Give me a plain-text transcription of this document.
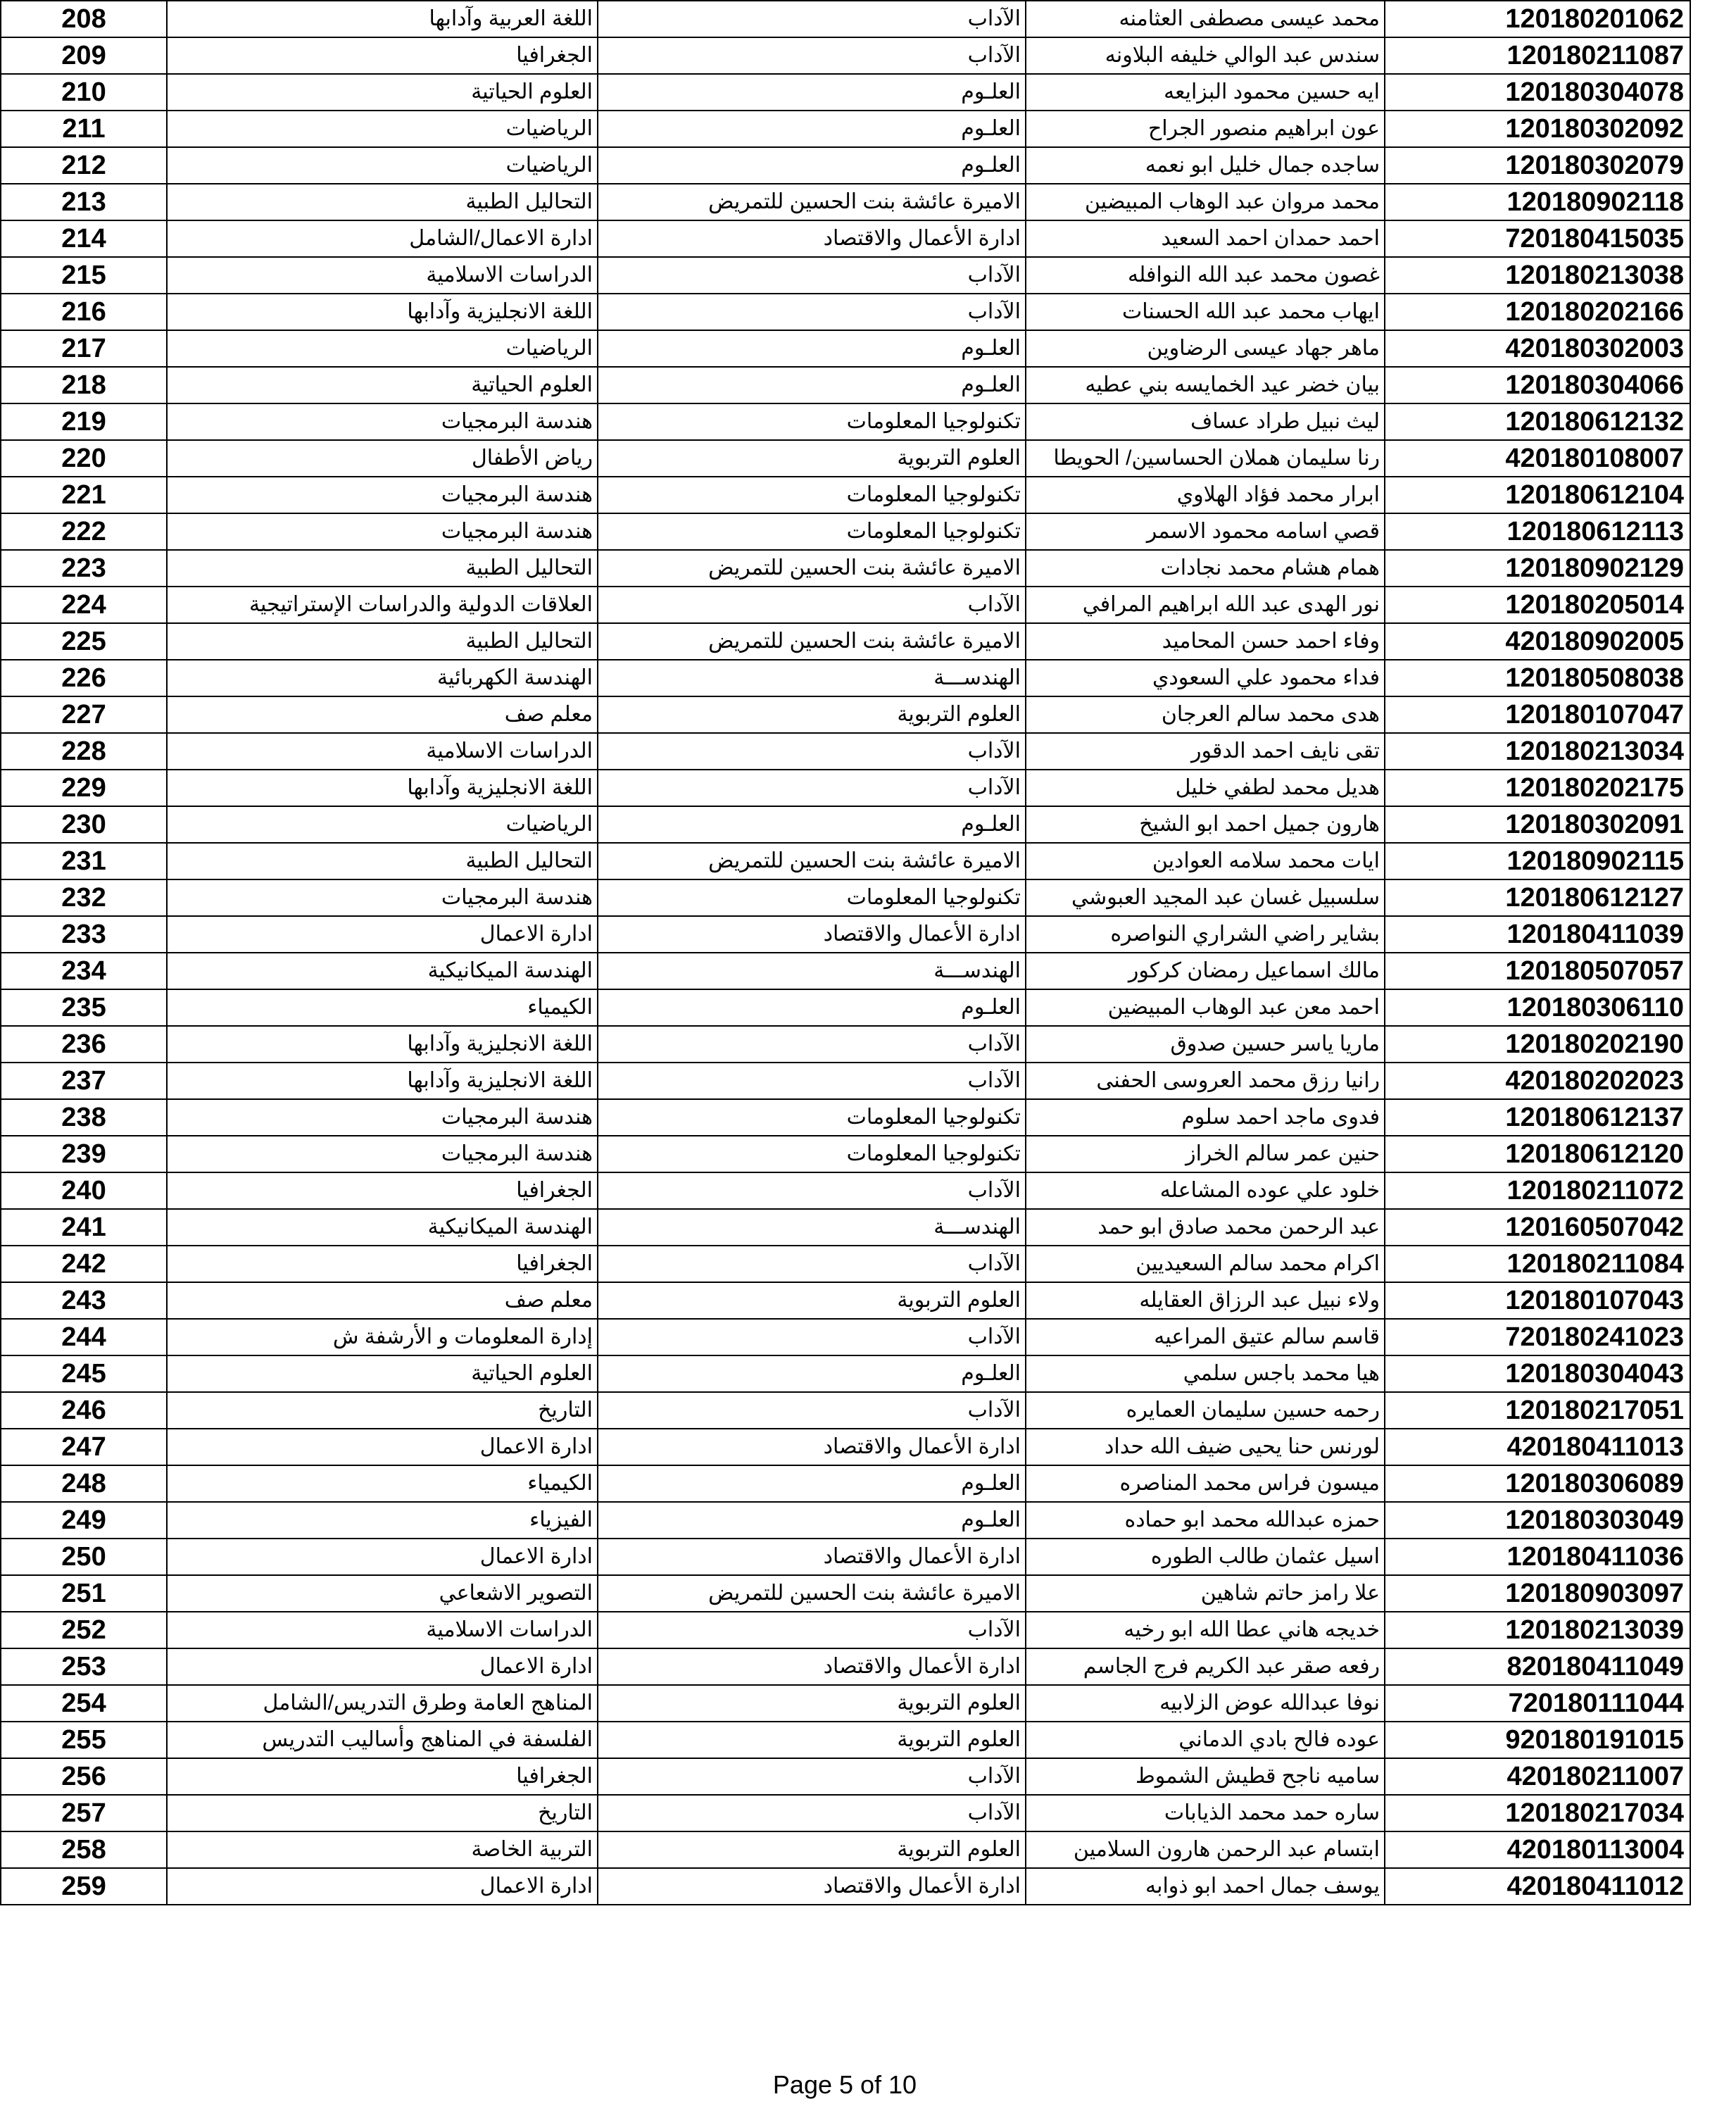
208	اللغة العربية وآدابها	الآداب	محمد عيسى مصطفى العثامنه	120180201062
209	الجغرافيا	الآداب	سندس عبد الوالي خليفه البلاونه	120180211087
210	العلوم الحياتية	العلـوم	ايه حسين محمود البزايعه	120180304078
211	الرياضيات	العلـوم	عون ابراهيم منصور الجراح	120180302092
212	الرياضيات	العلـوم	ساجده جمال خليل ابو نعمه	120180302079
213	التحاليل الطبية	الاميرة عائشة بنت الحسين للتمريض	محمد مروان عبد الوهاب المبيضين	120180902118
214	ادارة الاعمال/الشامل	ادارة الأعمال والاقتصاد	احمد حمدان احمد السعيد	720180415035
215	الدراسات الاسلامية	الآداب	غصون محمد عبد الله النوافله	120180213038
216	اللغة الانجليزية وآدابها	الآداب	ايهاب محمد عبد الله الحسنات	120180202166
217	الرياضيات	العلـوم	ماهر جهاد عيسى الرضاوين	420180302003
218	العلوم الحياتية	العلـوم	بيان خضر عيد الخمايسه بني عطيه	120180304066
219	هندسة البرمجيات	تكنولوجيا المعلومات	ليث نبيل طراد عساف	120180612132
220	رياض الأطفال	العلوم التربوية	رنا سليمان هملان الحساسين/ الحويطا	420180108007
221	هندسة البرمجيات	تكنولوجيا المعلومات	ابرار محمد فؤاد الهلاوي	120180612104
222	هندسة البرمجيات	تكنولوجيا المعلومات	قصي اسامه محمود الاسمر	120180612113
223	التحاليل الطبية	الاميرة عائشة بنت الحسين للتمريض	همام هشام محمد نجادات	120180902129
224	العلاقات الدولية والدراسات الإستراتيجية	الآداب	نور الهدى عبد الله ابراهيم المرافي	120180205014
225	التحاليل الطبية	الاميرة عائشة بنت الحسين للتمريض	وفاء احمد حسن المحاميد	420180902005
226	الهندسة الكهربائية	الهندســـة	فداء محمود علي السعودي	120180508038
227	معلم صف	العلوم التربوية	هدى محمد سالم العرجان	120180107047
228	الدراسات الاسلامية	الآداب	تقى نايف احمد الدقور	120180213034
229	اللغة الانجليزية وآدابها	الآداب	هديل محمد لطفي خليل	120180202175
230	الرياضيات	العلـوم	هارون جميل احمد ابو الشيخ	120180302091
231	التحاليل الطبية	الاميرة عائشة بنت الحسين للتمريض	ايات محمد سلامه العوادين	120180902115
232	هندسة البرمجيات	تكنولوجيا المعلومات	سلسبيل غسان عبد المجيد العبوشي	120180612127
233	ادارة الاعمال	ادارة الأعمال والاقتصاد	بشاير راضي الشراري النواصره	120180411039
234	الهندسة الميكانيكية	الهندســـة	مالك اسماعيل رمضان كركور	120180507057
235	الكيمياء	العلـوم	احمد معن عبد الوهاب المبيضين	120180306110
236	اللغة الانجليزية وآدابها	الآداب	ماريا ياسر حسين صدوق	120180202190
237	اللغة الانجليزية وآدابها	الآداب	رانيا رزق محمد العروسى الحفنى	420180202023
238	هندسة البرمجيات	تكنولوجيا المعلومات	فدوى ماجد احمد سلوم	120180612137
239	هندسة البرمجيات	تكنولوجيا المعلومات	حنين عمر سالم الخراز	120180612120
240	الجغرافيا	الآداب	خلود علي عوده المشاعله	120180211072
241	الهندسة الميكانيكية	الهندســـة	عبد الرحمن محمد صادق ابو حمد	120160507042
242	الجغرافيا	الآداب	اكرام محمد سالم السعيديين	120180211084
243	معلم صف	العلوم التربوية	ولاء نبيل عبد الرزاق العقايله	120180107043
244	إدارة المعلومات و الأرشفة ش	الآداب	قاسم سالم عتيق المراعيه	720180241023
245	العلوم الحياتية	العلـوم	هيا محمد باجس سلمي	120180304043
246	التاريخ	الآداب	رحمه حسين سليمان العمايره	120180217051
247	ادارة الاعمال	ادارة الأعمال والاقتصاد	لورنس حنا يحيى ضيف الله حداد	420180411013
248	الكيمياء	العلـوم	ميسون فراس محمد المناصره	120180306089
249	الفيزياء	العلـوم	حمزه عبدالله محمد ابو حماده	120180303049
250	ادارة الاعمال	ادارة الأعمال والاقتصاد	اسيل عثمان طالب الطوره	120180411036
251	التصوير الاشعاعي	الاميرة عائشة بنت الحسين للتمريض	علا رامز حاتم شاهين	120180903097
252	الدراسات الاسلامية	الآداب	خديجه هاني عطا الله ابو رخيه	120180213039
253	ادارة الاعمال	ادارة الأعمال والاقتصاد	رفعه صقر عبد الكريم فرج الجاسم	820180411049
254	المناهج العامة وطرق التدريس/الشامل	العلوم التربوية	نوفا عبدالله عوض الزلابيه	720180111044
255	الفلسفة في المناهج وأساليب التدريس	العلوم التربوية	عوده فالح بادي الدماني	920180191015
256	الجغرافيا	الآداب	ساميه ناجح قطيش الشموط	420180211007
257	التاريخ	الآداب	ساره حمد محمد الذيابات	120180217034
258	التربية الخاصة	العلوم التربوية	ابتسام عبد الرحمن هارون السلامين	420180113004
259	ادارة الاعمال	ادارة الأعمال والاقتصاد	يوسف جمال احمد ابو ذوابه	420180411012
Page 5 of 10
